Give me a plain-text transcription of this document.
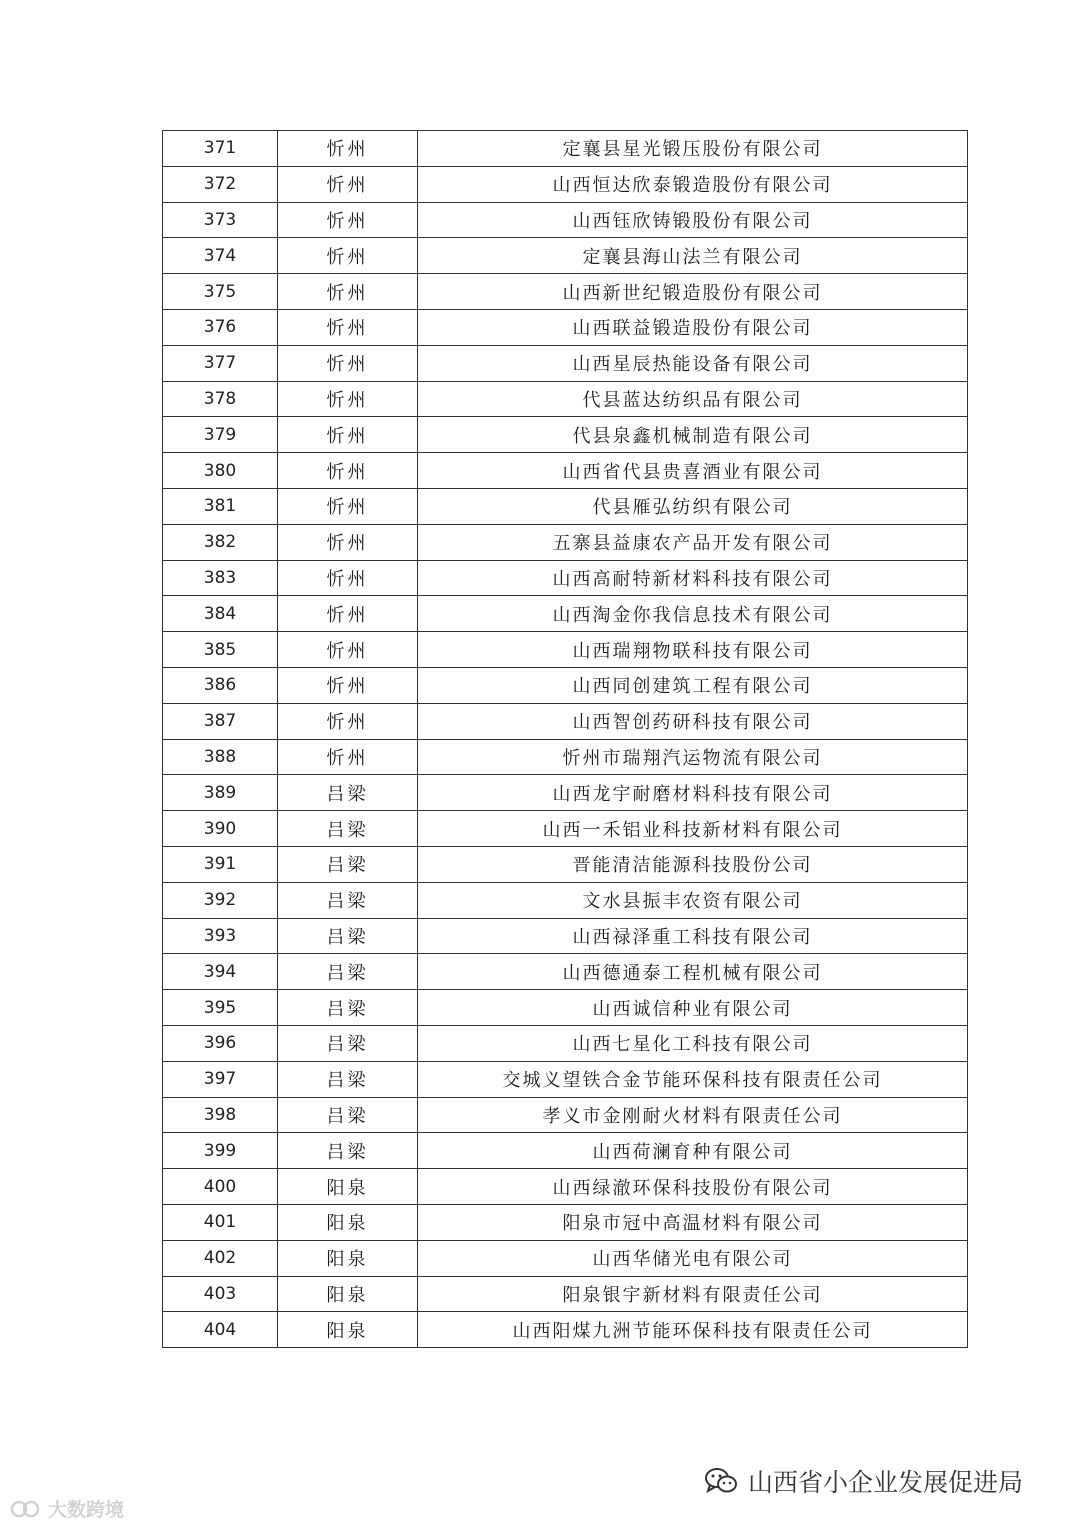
371	忻州	定襄县星光锻压股份有限公司
372	忻州	山西恒达欣泰锻造股份有限公司
373	忻州	山西钰欣铸锻股份有限公司
374	忻州	定襄县海山法兰有限公司
375	忻州	山西新世纪锻造股份有限公司
376	忻州	山西联益锻造股份有限公司
377	忻州	山西星辰热能设备有限公司
378	忻州	代县蓝达纺织品有限公司
379	忻州	代县泉鑫机械制造有限公司
380	忻州	山西省代县贵喜酒业有限公司
381	忻州	代县雁弘纺织有限公司
382	忻州	五寨县益康农产品开发有限公司
383	忻州	山西高耐特新材料科技有限公司
384	忻州	山西淘金你我信息技术有限公司
385	忻州	山西瑞翔物联科技有限公司
386	忻州	山西同创建筑工程有限公司
387	忻州	山西智创药研科技有限公司
388	忻州	忻州市瑞翔汽运物流有限公司
389	吕梁	山西龙宇耐磨材料科技有限公司
390	吕梁	山西一禾铝业科技新材料有限公司
391	吕梁	晋能清洁能源科技股份公司
392	吕梁	文水县振丰农资有限公司
393	吕梁	山西禄泽重工科技有限公司
394	吕梁	山西德通泰工程机械有限公司
395	吕梁	山西诚信种业有限公司
396	吕梁	山西七星化工科技有限公司
397	吕梁	交城义望铁合金节能环保科技有限责任公司
398	吕梁	孝义市金刚耐火材料有限责任公司
399	吕梁	山西荷澜育种有限公司
400	阳泉	山西绿澈环保科技股份有限公司
401	阳泉	阳泉市冠中高温材料有限公司
402	阳泉	山西华储光电有限公司
403	阳泉	阳泉银宇新材料有限责任公司
404	阳泉	山西阳煤九洲节能环保科技有限责任公司
山西省小企业发展促进局
大数跨境
